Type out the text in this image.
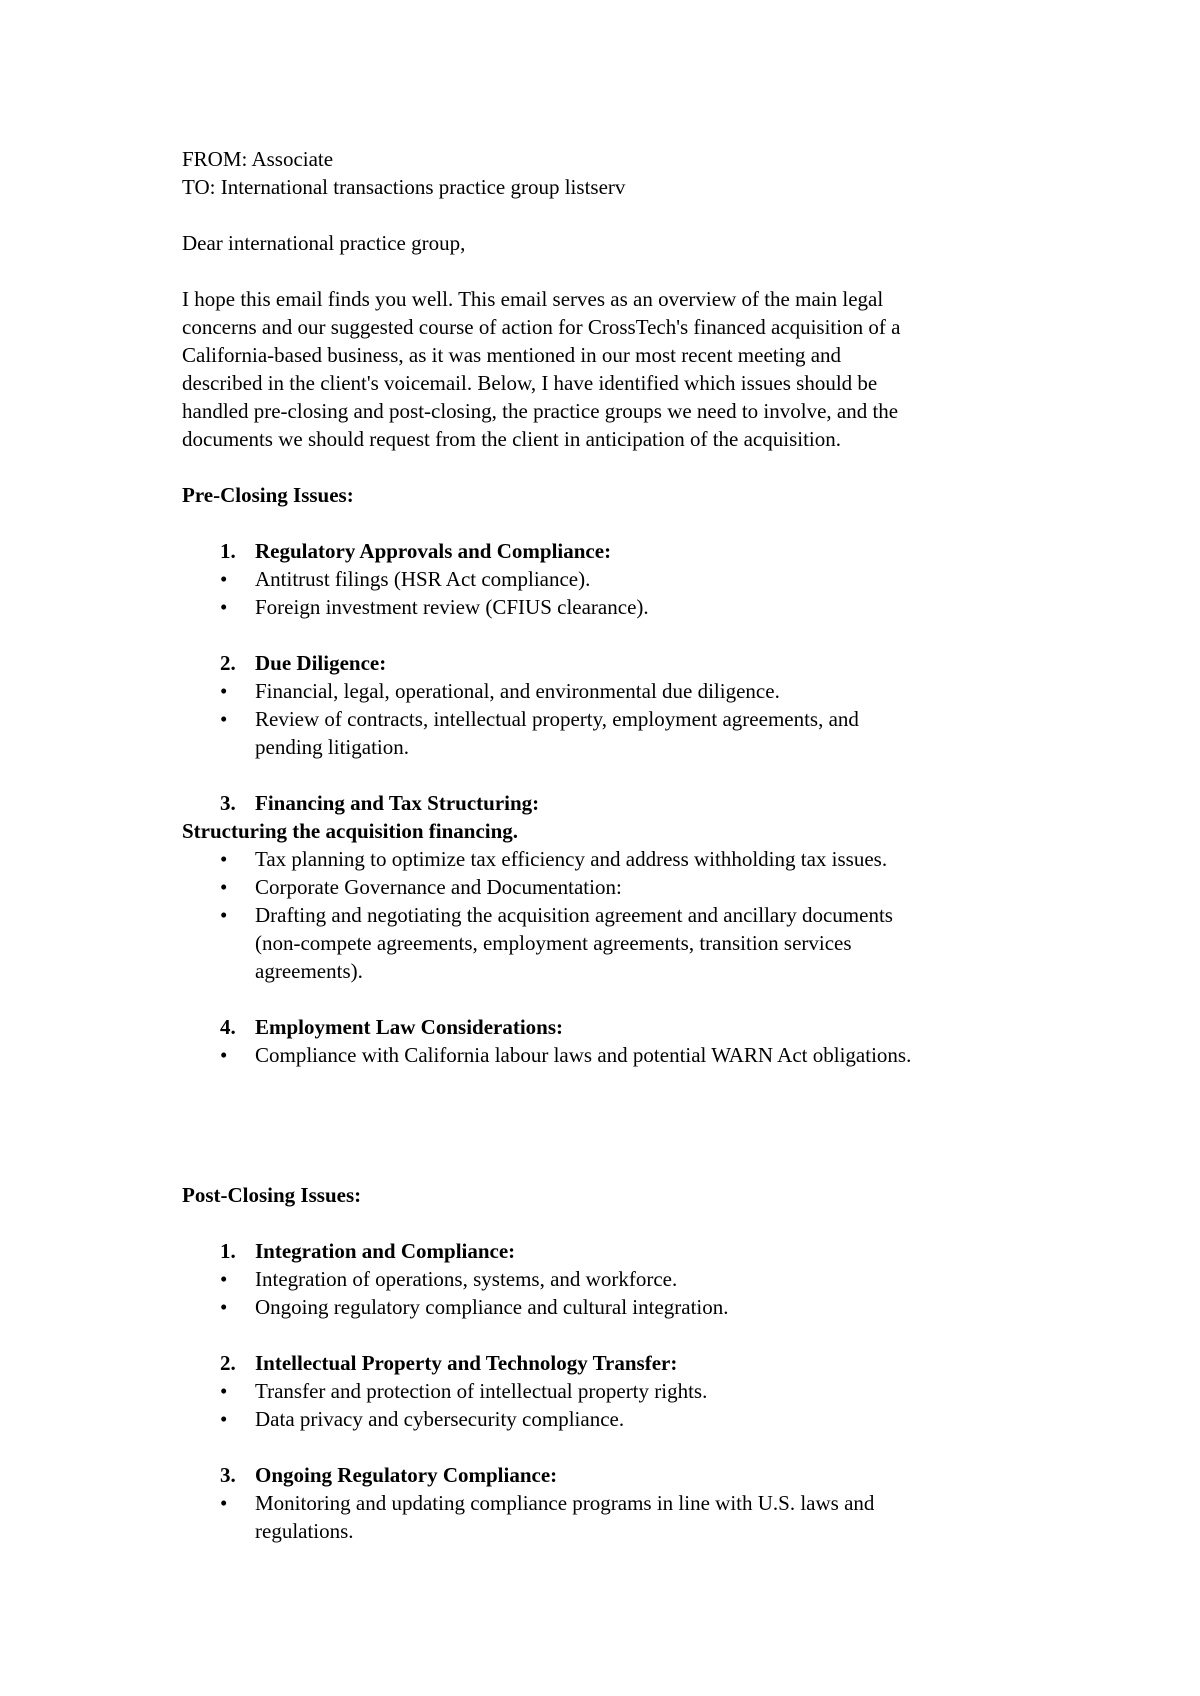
FROM: Associate
TO: International transactions practice group listserv
Dear international practice group,
I hope this email finds you well. This email serves as an overview of the main legal
concerns and our suggested course of action for CrossTech's financed acquisition of a
California-based business, as it was mentioned in our most recent meeting and
described in the client's voicemail. Below, I have identified which issues should be
handled pre-closing and post-closing, the practice groups we need to involve, and the
documents we should request from the client in anticipation of the acquisition.
Pre-Closing Issues:
1. Regulatory Approvals and Compliance:
• Antitrust filings (HSR Act compliance).
• Foreign investment review (CFIUS clearance).
2. Due Diligence:
• Financial, legal, operational, and environmental due diligence.
• Review of contracts, intellectual property, employment agreements, and
pending litigation.
3. Financing and Tax Structuring:
Structuring the acquisition financing.
• Tax planning to optimize tax efficiency and address withholding tax issues.
• Corporate Governance and Documentation:
• Drafting and negotiating the acquisition agreement and ancillary documents
(non-compete agreements, employment agreements, transition services
agreements).
4. Employment Law Considerations:
• Compliance with California labour laws and potential WARN Act obligations.
Post-Closing Issues:
1. Integration and Compliance:
• Integration of operations, systems, and workforce.
• Ongoing regulatory compliance and cultural integration.
2. Intellectual Property and Technology Transfer:
• Transfer and protection of intellectual property rights.
• Data privacy and cybersecurity compliance.
3. Ongoing Regulatory Compliance:
• Monitoring and updating compliance programs in line with U.S. laws and
regulations.
